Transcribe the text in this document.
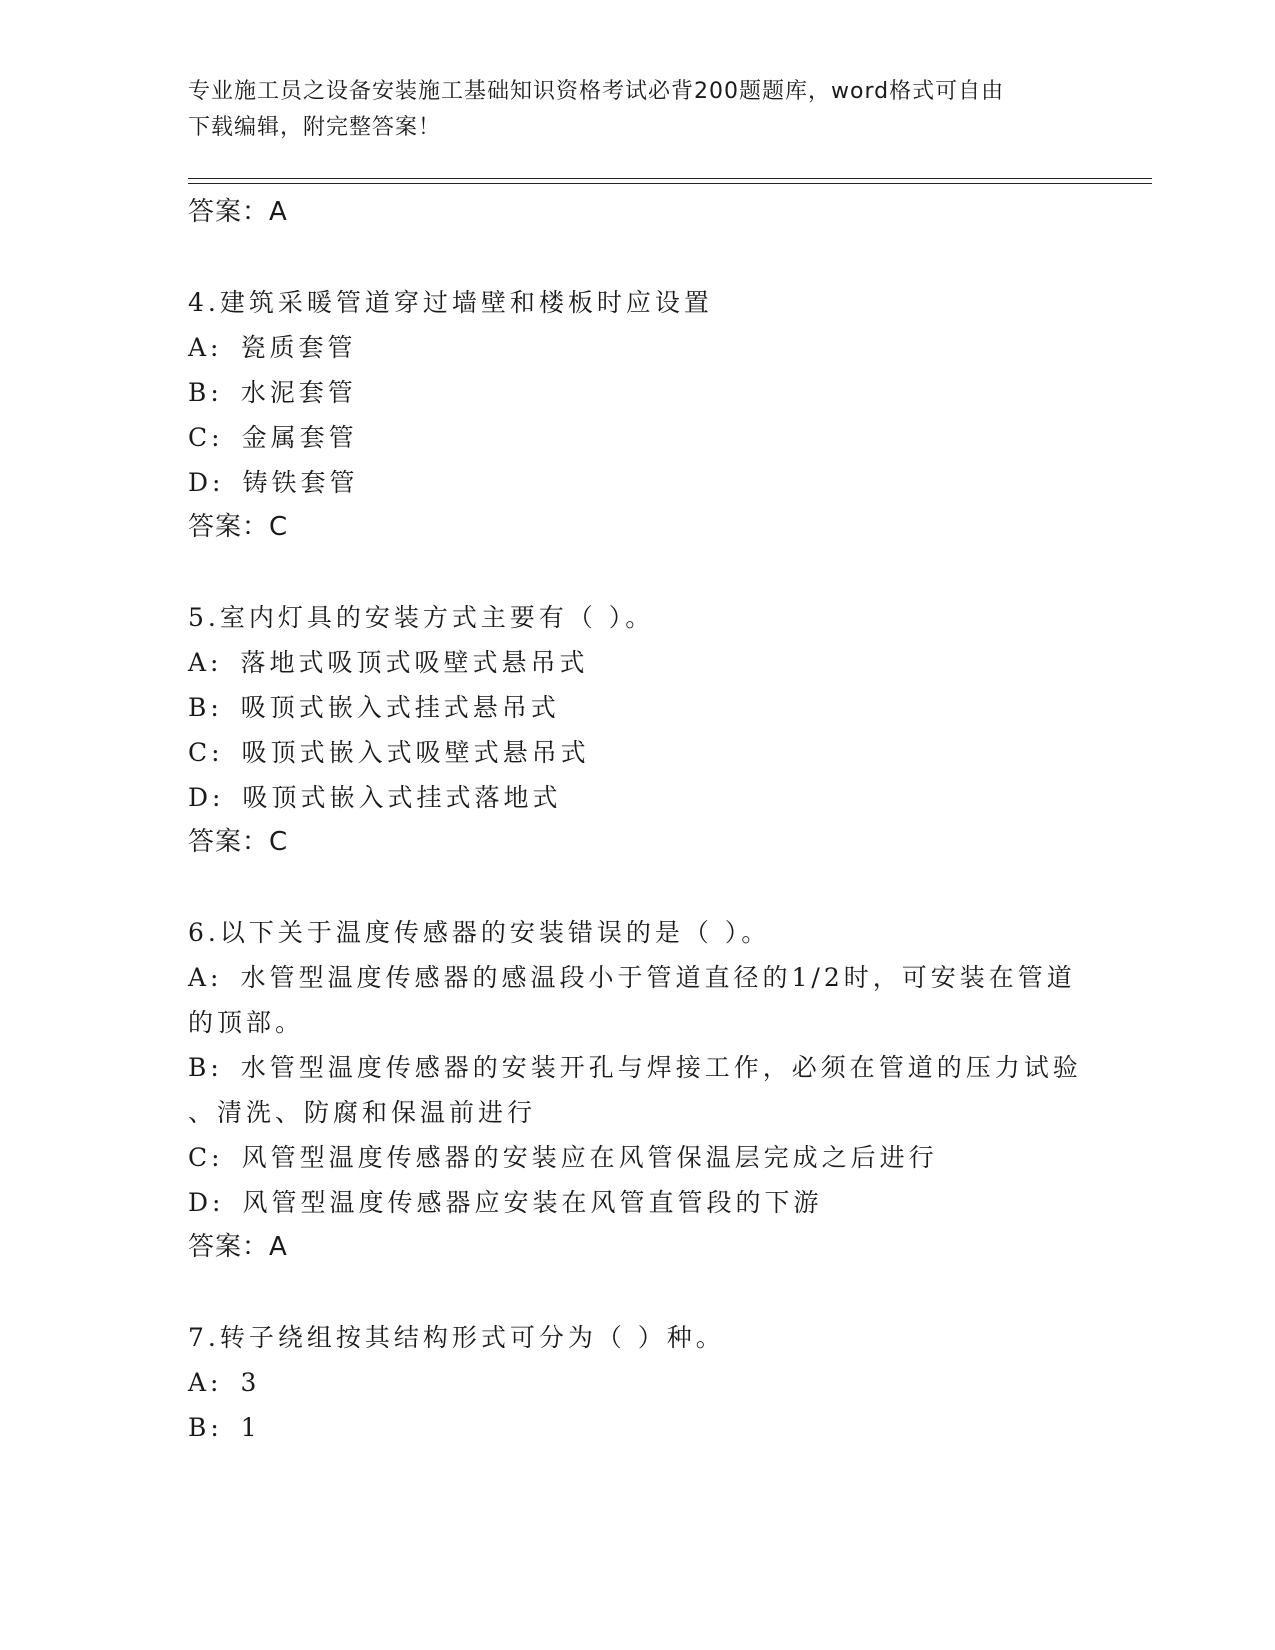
专业施工员之设备安装施工基础知识资格考试必背200题题库，word格式可自由
下载编辑，附完整答案！
答案：A
4.建筑采暖管道穿过墙壁和楼板时应设置
A: 瓷质套管
B: 水泥套管
C: 金属套管
D: 铸铁套管
答案：C
5.室内灯具的安装方式主要有（ ）。
A: 落地式吸顶式吸壁式悬吊式
B: 吸顶式嵌入式挂式悬吊式
C: 吸顶式嵌入式吸壁式悬吊式
D: 吸顶式嵌入式挂式落地式
答案：C
6.以下关于温度传感器的安装错误的是（ ）。
A: 水管型温度传感器的感温段小于管道直径的1/2时，可安装在管道
的顶部。
B: 水管型温度传感器的安装开孔与焊接工作，必须在管道的压力试验
、清洗、防腐和保温前进行
C: 风管型温度传感器的安装应在风管保温层完成之后进行
D: 风管型温度传感器应安装在风管直管段的下游
答案：A
7.转子绕组按其结构形式可分为（ ）种。
A: 3
B: 1
